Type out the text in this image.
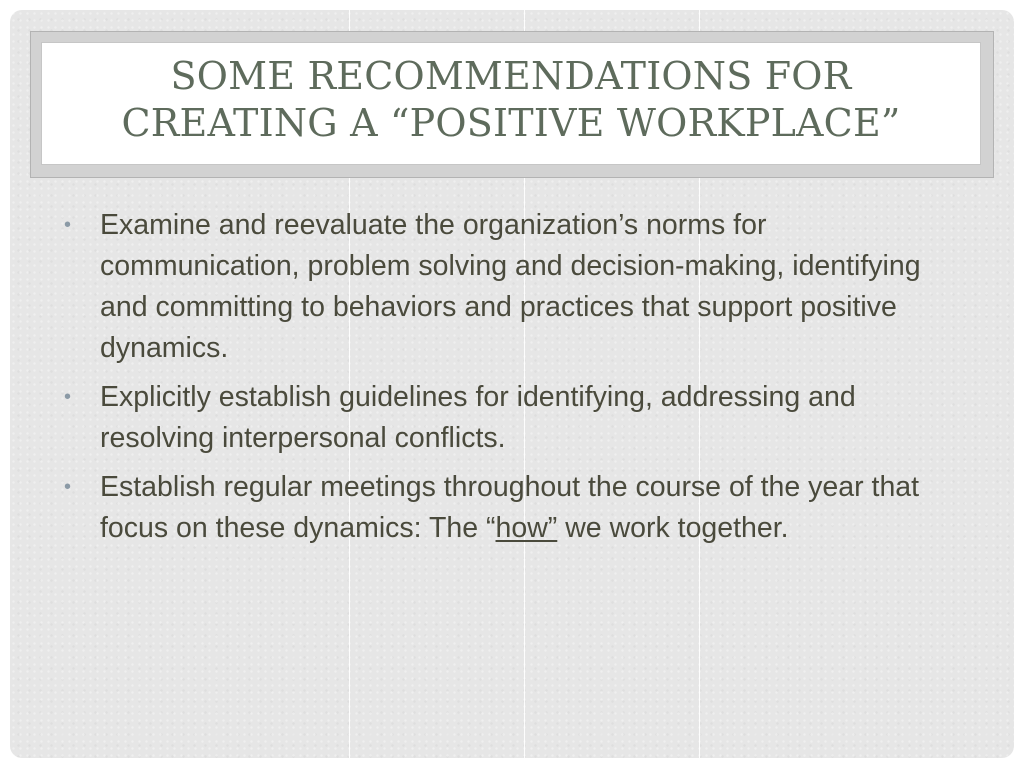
SOME RECOMMENDATIONS FOR
CREATING A “POSITIVE WORKPLACE”
• Examine and reevaluate the organization’s norms for communication, problem solving and decision-making, identifying and committing to behaviors and practices that support positive dynamics.
• Explicitly establish guidelines for identifying, addressing and resolving interpersonal conflicts.
• Establish regular meetings throughout the course of the year that focus on these dynamics: The “how” we work together.
